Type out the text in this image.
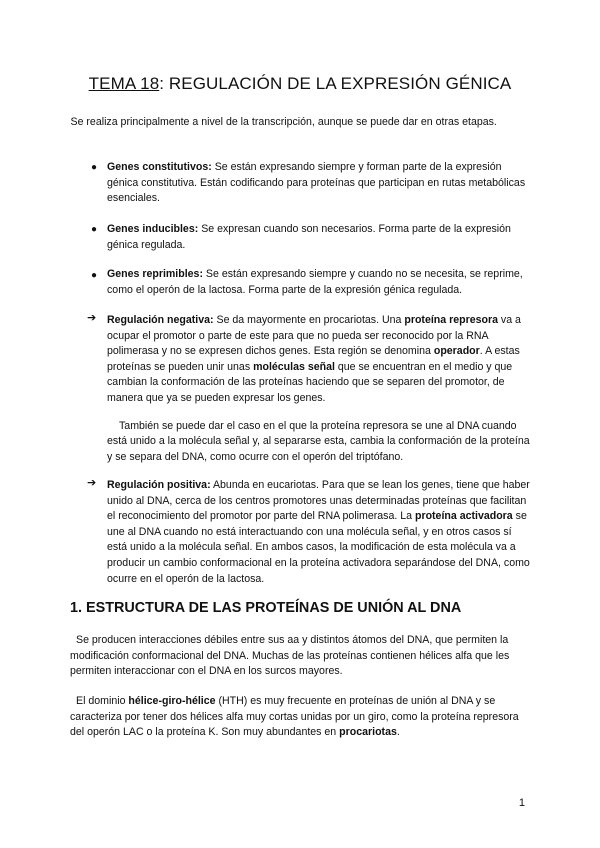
TEMA 18: REGULACIÓN DE LA EXPRESIÓN GÉNICA

Se realiza principalmente a nivel de la transcripción, aunque se puede dar en otras etapas.

● Genes constitutivos: Se están expresando siempre y forman parte de la expresión génica constitutiva. Están codificando para proteínas que participan en rutas metabólicas esenciales.

● Genes inducibles: Se expresan cuando son necesarios. Forma parte de la expresión génica regulada.

● Genes reprimibles: Se están expresando siempre y cuando no se necesita, se reprime, como el operón de la lactosa. Forma parte de la expresión génica regulada.

➔ Regulación negativa: Se da mayormente en procariotas. Una proteína represora va a ocupar el promotor o parte de este para que no pueda ser reconocido por la RNA polimerasa y no se expresen dichos genes. Esta región se denomina operador. A estas proteínas se pueden unir unas moléculas señal que se encuentran en el medio y que cambian la conformación de las proteínas haciendo que se separen del promotor, de manera que ya se pueden expresar los genes.

También se puede dar el caso en el que la proteína represora se une al DNA cuando está unido a la molécula señal y, al separarse esta, cambia la conformación de la proteína y se separa del DNA, como ocurre con el operón del triptófano.

➔ Regulación positiva: Abunda en eucariotas. Para que se lean los genes, tiene que haber unido al DNA, cerca de los centros promotores unas determinadas proteínas que facilitan el reconocimiento del promotor por parte del RNA polimerasa. La proteína activadora se une al DNA cuando no está interactuando con una molécula señal, y en otros casos sí está unido a la molécula señal. En ambos casos, la modificación de esta molécula va a producir un cambio conformacional en la proteína activadora separándose del DNA, como ocurre en el operón de la lactosa.

1. ESTRUCTURA DE LAS PROTEÍNAS DE UNIÓN AL DNA

Se producen interacciones débiles entre sus aa y distintos átomos del DNA, que permiten la modificación conformacional del DNA. Muchas de las proteínas contienen hélices alfa que les permiten interaccionar con el DNA en los surcos mayores.

El dominio hélice-giro-hélice (HTH) es muy frecuente en proteínas de unión al DNA y se caracteriza por tener dos hélices alfa muy cortas unidas por un giro, como la proteína represora del operón LAC o la proteína K. Son muy abundantes en procariotas.

1
